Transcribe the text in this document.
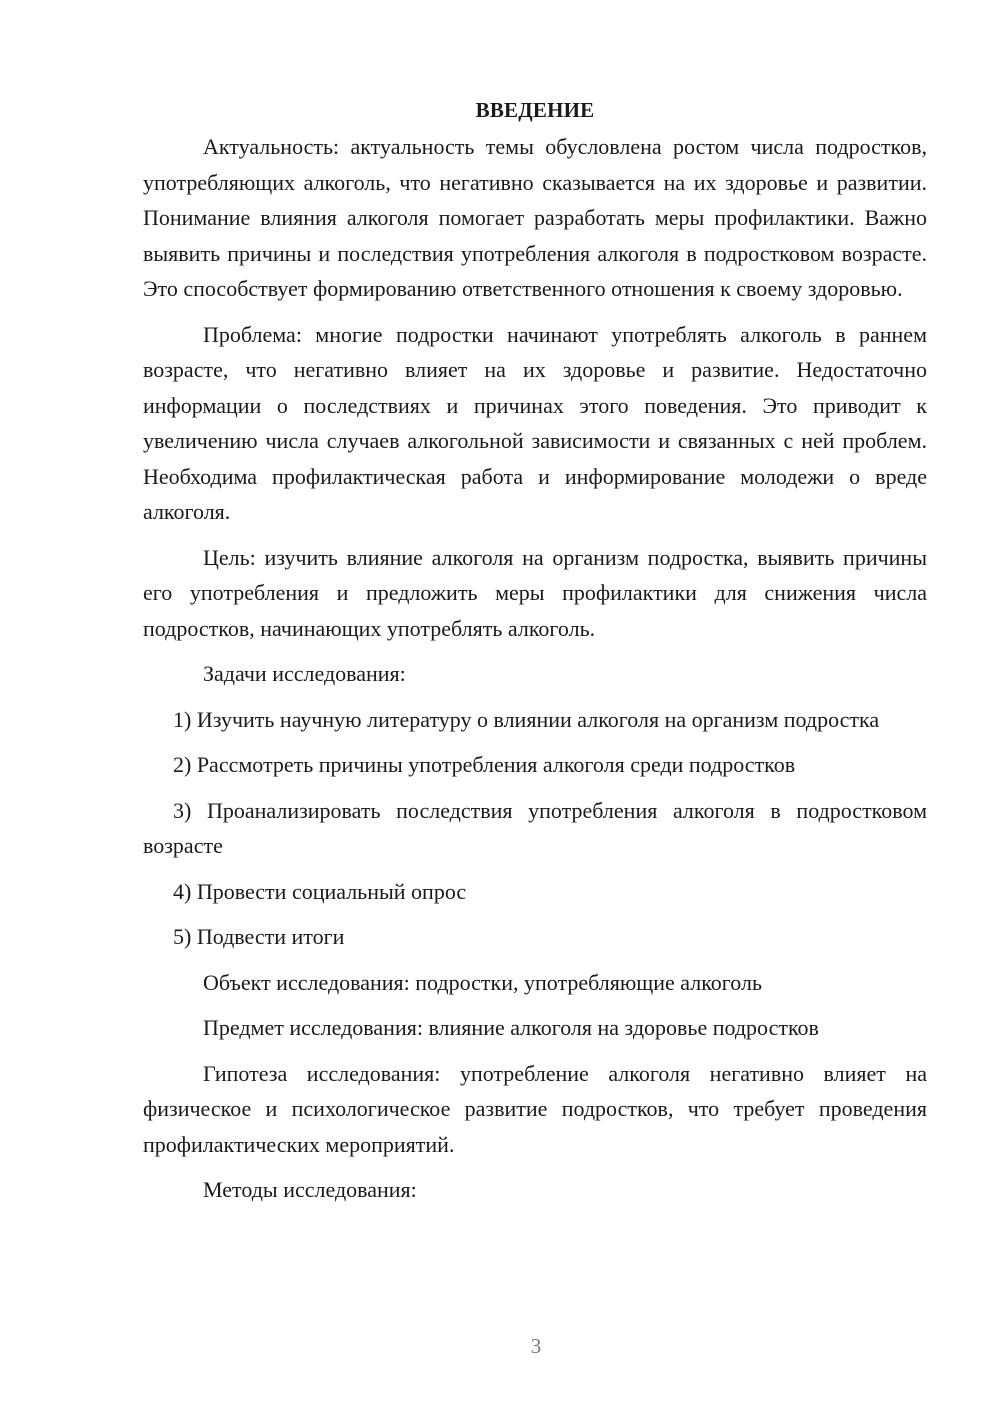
ВВЕДЕНИЕ

Актуальность: актуальность темы обусловлена ростом числа подростков, употребляющих алкоголь, что негативно сказывается на их здоровье и развитии. Понимание влияния алкоголя помогает разработать меры профилактики. Важно выявить причины и последствия употребления алкоголя в подростковом возрасте. Это способствует формированию ответственного отношения к своему здоровью.

Проблема: многие подростки начинают употреблять алкоголь в раннем возрасте, что негативно влияет на их здоровье и развитие. Недостаточно информации о последствиях и причинах этого поведения. Это приводит к увеличению числа случаев алкогольной зависимости и связанных с ней проблем. Необходима профилактическая работа и информирование молодежи о вреде алкоголя.

Цель: изучить влияние алкоголя на организм подростка, выявить причины его употребления и предложить меры профилактики для снижения числа подростков, начинающих употреблять алкоголь.

Задачи исследования:

1) Изучить научную литературу о влиянии алкоголя на организм подростка

2) Рассмотреть причины употребления алкоголя среди подростков

3) Проанализировать последствия употребления алкоголя в подростковом возрасте

4) Провести социальный опрос

5) Подвести итоги

Объект исследования: подростки, употребляющие алкоголь

Предмет исследования: влияние алкоголя на здоровье подростков

Гипотеза исследования: употребление алкоголя негативно влияет на физическое и психологическое развитие подростков, что требует проведения профилактических мероприятий.

Методы исследования:

3
